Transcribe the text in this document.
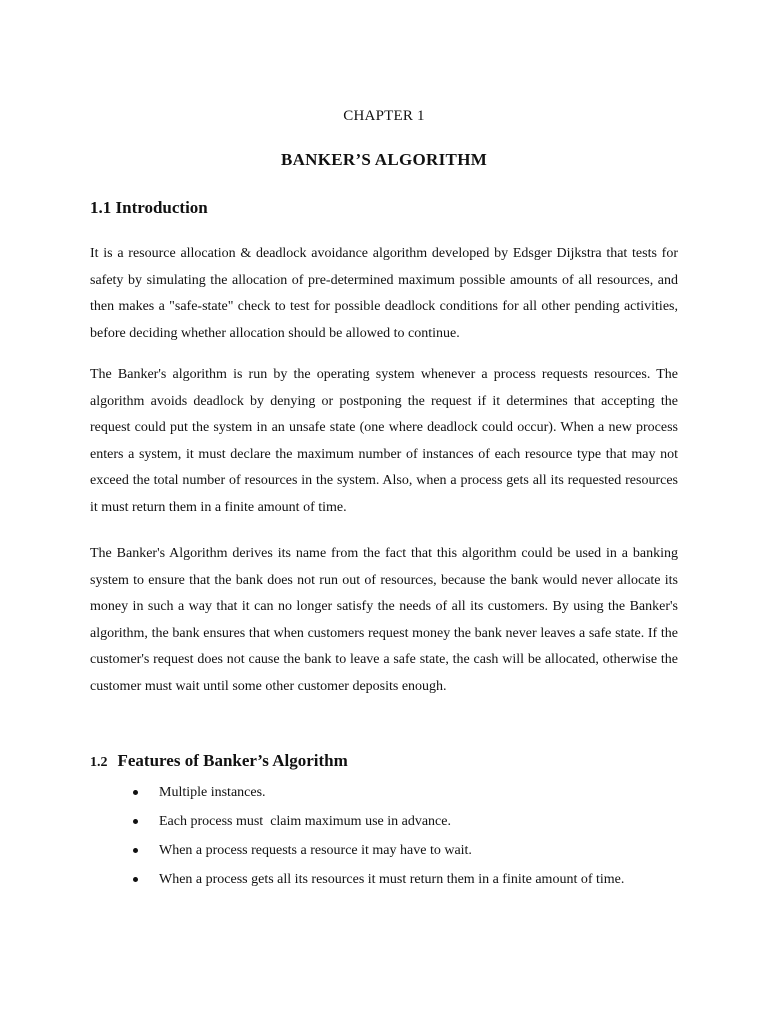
CHAPTER 1
BANKER’S ALGORITHM
1.1 Introduction

It is a resource allocation & deadlock avoidance algorithm developed by Edsger Dijkstra that tests for safety by simulating the allocation of pre-determined maximum possible amounts of all resources, and then makes a "safe-state" check to test for possible deadlock conditions for all other pending activities, before deciding whether allocation should be allowed to continue.

The Banker's algorithm is run by the operating system whenever a process requests resources. The algorithm avoids deadlock by denying or postponing the request if it determines that accepting the request could put the system in an unsafe state (one where deadlock could occur). When a new process enters a system, it must declare the maximum number of instances of each resource type that may not exceed the total number of resources in the system. Also, when a process gets all its requested resources it must return them in a finite amount of time.

The Banker's Algorithm derives its name from the fact that this algorithm could be used in a banking system to ensure that the bank does not run out of resources, because the bank would never allocate its money in such a way that it can no longer satisfy the needs of all its customers. By using the Banker's algorithm, the bank ensures that when customers request money the bank never leaves a safe state. If the customer's request does not cause the bank to leave a safe state, the cash will be allocated, otherwise the customer must wait until some other customer deposits enough.

1.2 Features of Banker’s Algorithm
Multiple instances.
Each process must  claim maximum use in advance.
When a process requests a resource it may have to wait.
When a process gets all its resources it must return them in a finite amount of time.
